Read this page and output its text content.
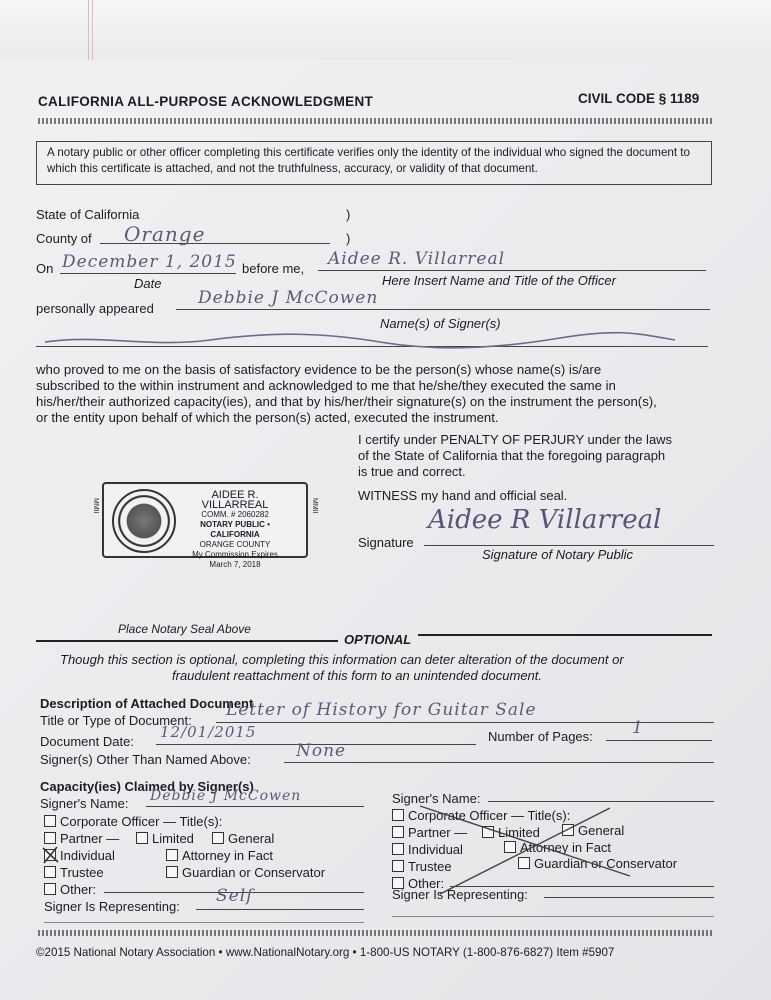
CALIFORNIA ALL-PURPOSE ACKNOWLEDGMENT	CIVIL CODE § 1189
A notary public or other officer completing this certificate verifies only the identity of the individual who signed the document to which this certificate is attached, and not the truthfulness, accuracy, or validity of that document.
State of California	)
County of Orange	)
On December 1, 2015 before me, Aidee R. Villarreal
Date	Here Insert Name and Title of the Officer
personally appeared
Debbie J McCowen
Name(s) of Signer(s)
who proved to me on the basis of satisfactory evidence to be the person(s) whose name(s) is/are
subscribed to the within instrument and acknowledged to me that he/she/they executed the same in
his/her/their authorized capacity(ies), and that by his/her/their signature(s) on the instrument the person(s),
or the entity upon behalf of which the person(s) acted, executed the instrument.
I certify under PENALTY OF PERJURY under the laws
of the State of California that the foregoing paragraph
is true and correct.
WITNESS my hand and official seal.
AIDEE R. VILLARREAL
COMM. # 2060282
NOTARY PUBLIC • CALIFORNIA
ORANGE COUNTY
My Commission Expires
March 7, 2018
MMII	MMII
Signature
Aidee R Villarreal
Signature of Notary Public
Place Notary Seal Above
OPTIONAL
Though this section is optional, completing this information can deter alteration of the document or
fraudulent reattachment of this form to an unintended document.
Description of Attached Document
Title or Type of Document:
Letter of History for Guitar Sale
Document Date:
12/01/2015	Number of Pages: 1
Signer(s) Other Than Named Above:	None
Capacity(ies) Claimed by Signer(s)
Signer's Name: Debbie J McCowen
Corporate Officer — Title(s):
Partner —	Limited	General
Individual	Attorney in Fact
Trustee	Guardian or Conservator
Other:
Signer Is Representing:
Self
Signer's Name:
Corporate Officer — Title(s):
Partner —	Limited	General
Individual	Attorney in Fact
Trustee	Guardian or Conservator
Other:
Signer Is Representing:
©2015 National Notary Association • www.NationalNotary.org • 1-800-US NOTARY (1-800-876-6827) Item #5907
